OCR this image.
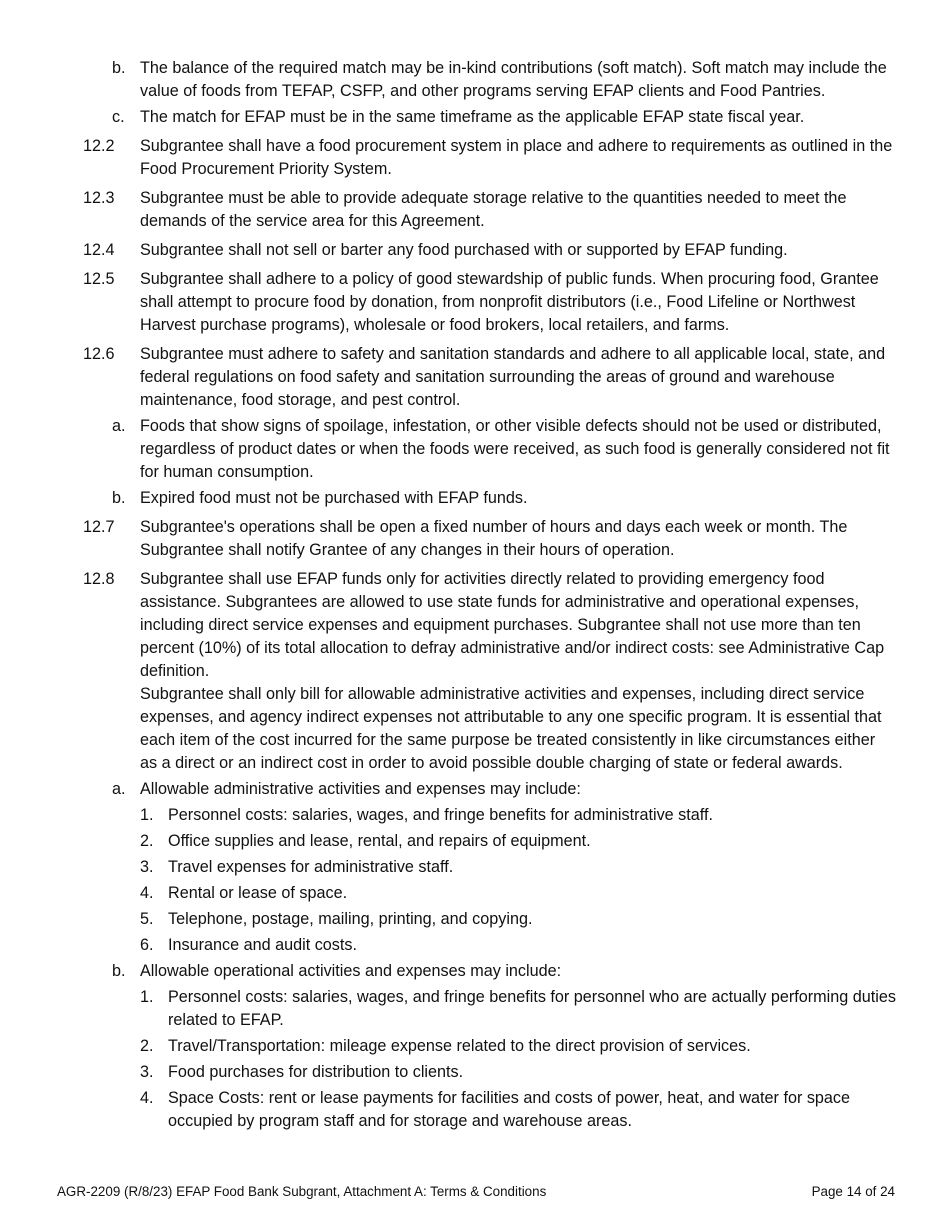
b. The balance of the required match may be in-kind contributions (soft match). Soft match may include the value of foods from TEFAP, CSFP, and other programs serving EFAP clients and Food Pantries.
c. The match for EFAP must be in the same timeframe as the applicable EFAP state fiscal year.
12.2 Subgrantee shall have a food procurement system in place and adhere to requirements as outlined in the Food Procurement Priority System.
12.3 Subgrantee must be able to provide adequate storage relative to the quantities needed to meet the demands of the service area for this Agreement.
12.4 Subgrantee shall not sell or barter any food purchased with or supported by EFAP funding.
12.5 Subgrantee shall adhere to a policy of good stewardship of public funds. When procuring food, Grantee shall attempt to procure food by donation, from nonprofit distributors (i.e., Food Lifeline or Northwest Harvest purchase programs), wholesale or food brokers, local retailers, and farms.
12.6 Subgrantee must adhere to safety and sanitation standards and adhere to all applicable local, state, and federal regulations on food safety and sanitation surrounding the areas of ground and warehouse maintenance, food storage, and pest control.
a. Foods that show signs of spoilage, infestation, or other visible defects should not be used or distributed, regardless of product dates or when the foods were received, as such food is generally considered not fit for human consumption.
b. Expired food must not be purchased with EFAP funds.
12.7 Subgrantee's operations shall be open a fixed number of hours and days each week or month. The Subgrantee shall notify Grantee of any changes in their hours of operation.
12.8 Subgrantee shall use EFAP funds only for activities directly related to providing emergency food assistance. Subgrantees are allowed to use state funds for administrative and operational expenses, including direct service expenses and equipment purchases. Subgrantee shall not use more than ten percent (10%) of its total allocation to defray administrative and/or indirect costs: see Administrative Cap definition.
Subgrantee shall only bill for allowable administrative activities and expenses, including direct service expenses, and agency indirect expenses not attributable to any one specific program. It is essential that each item of the cost incurred for the same purpose be treated consistently in like circumstances either as a direct or an indirect cost in order to avoid possible double charging of state or federal awards.
a. Allowable administrative activities and expenses may include:
1. Personnel costs: salaries, wages, and fringe benefits for administrative staff.
2. Office supplies and lease, rental, and repairs of equipment.
3. Travel expenses for administrative staff.
4. Rental or lease of space.
5. Telephone, postage, mailing, printing, and copying.
6. Insurance and audit costs.
b. Allowable operational activities and expenses may include:
1. Personnel costs: salaries, wages, and fringe benefits for personnel who are actually performing duties related to EFAP.
2. Travel/Transportation: mileage expense related to the direct provision of services.
3. Food purchases for distribution to clients.
4. Space Costs: rent or lease payments for facilities and costs of power, heat, and water for space occupied by program staff and for storage and warehouse areas.
AGR-2209 (R/8/23) EFAP Food Bank Subgrant, Attachment A: Terms & Conditions	Page 14 of 24
